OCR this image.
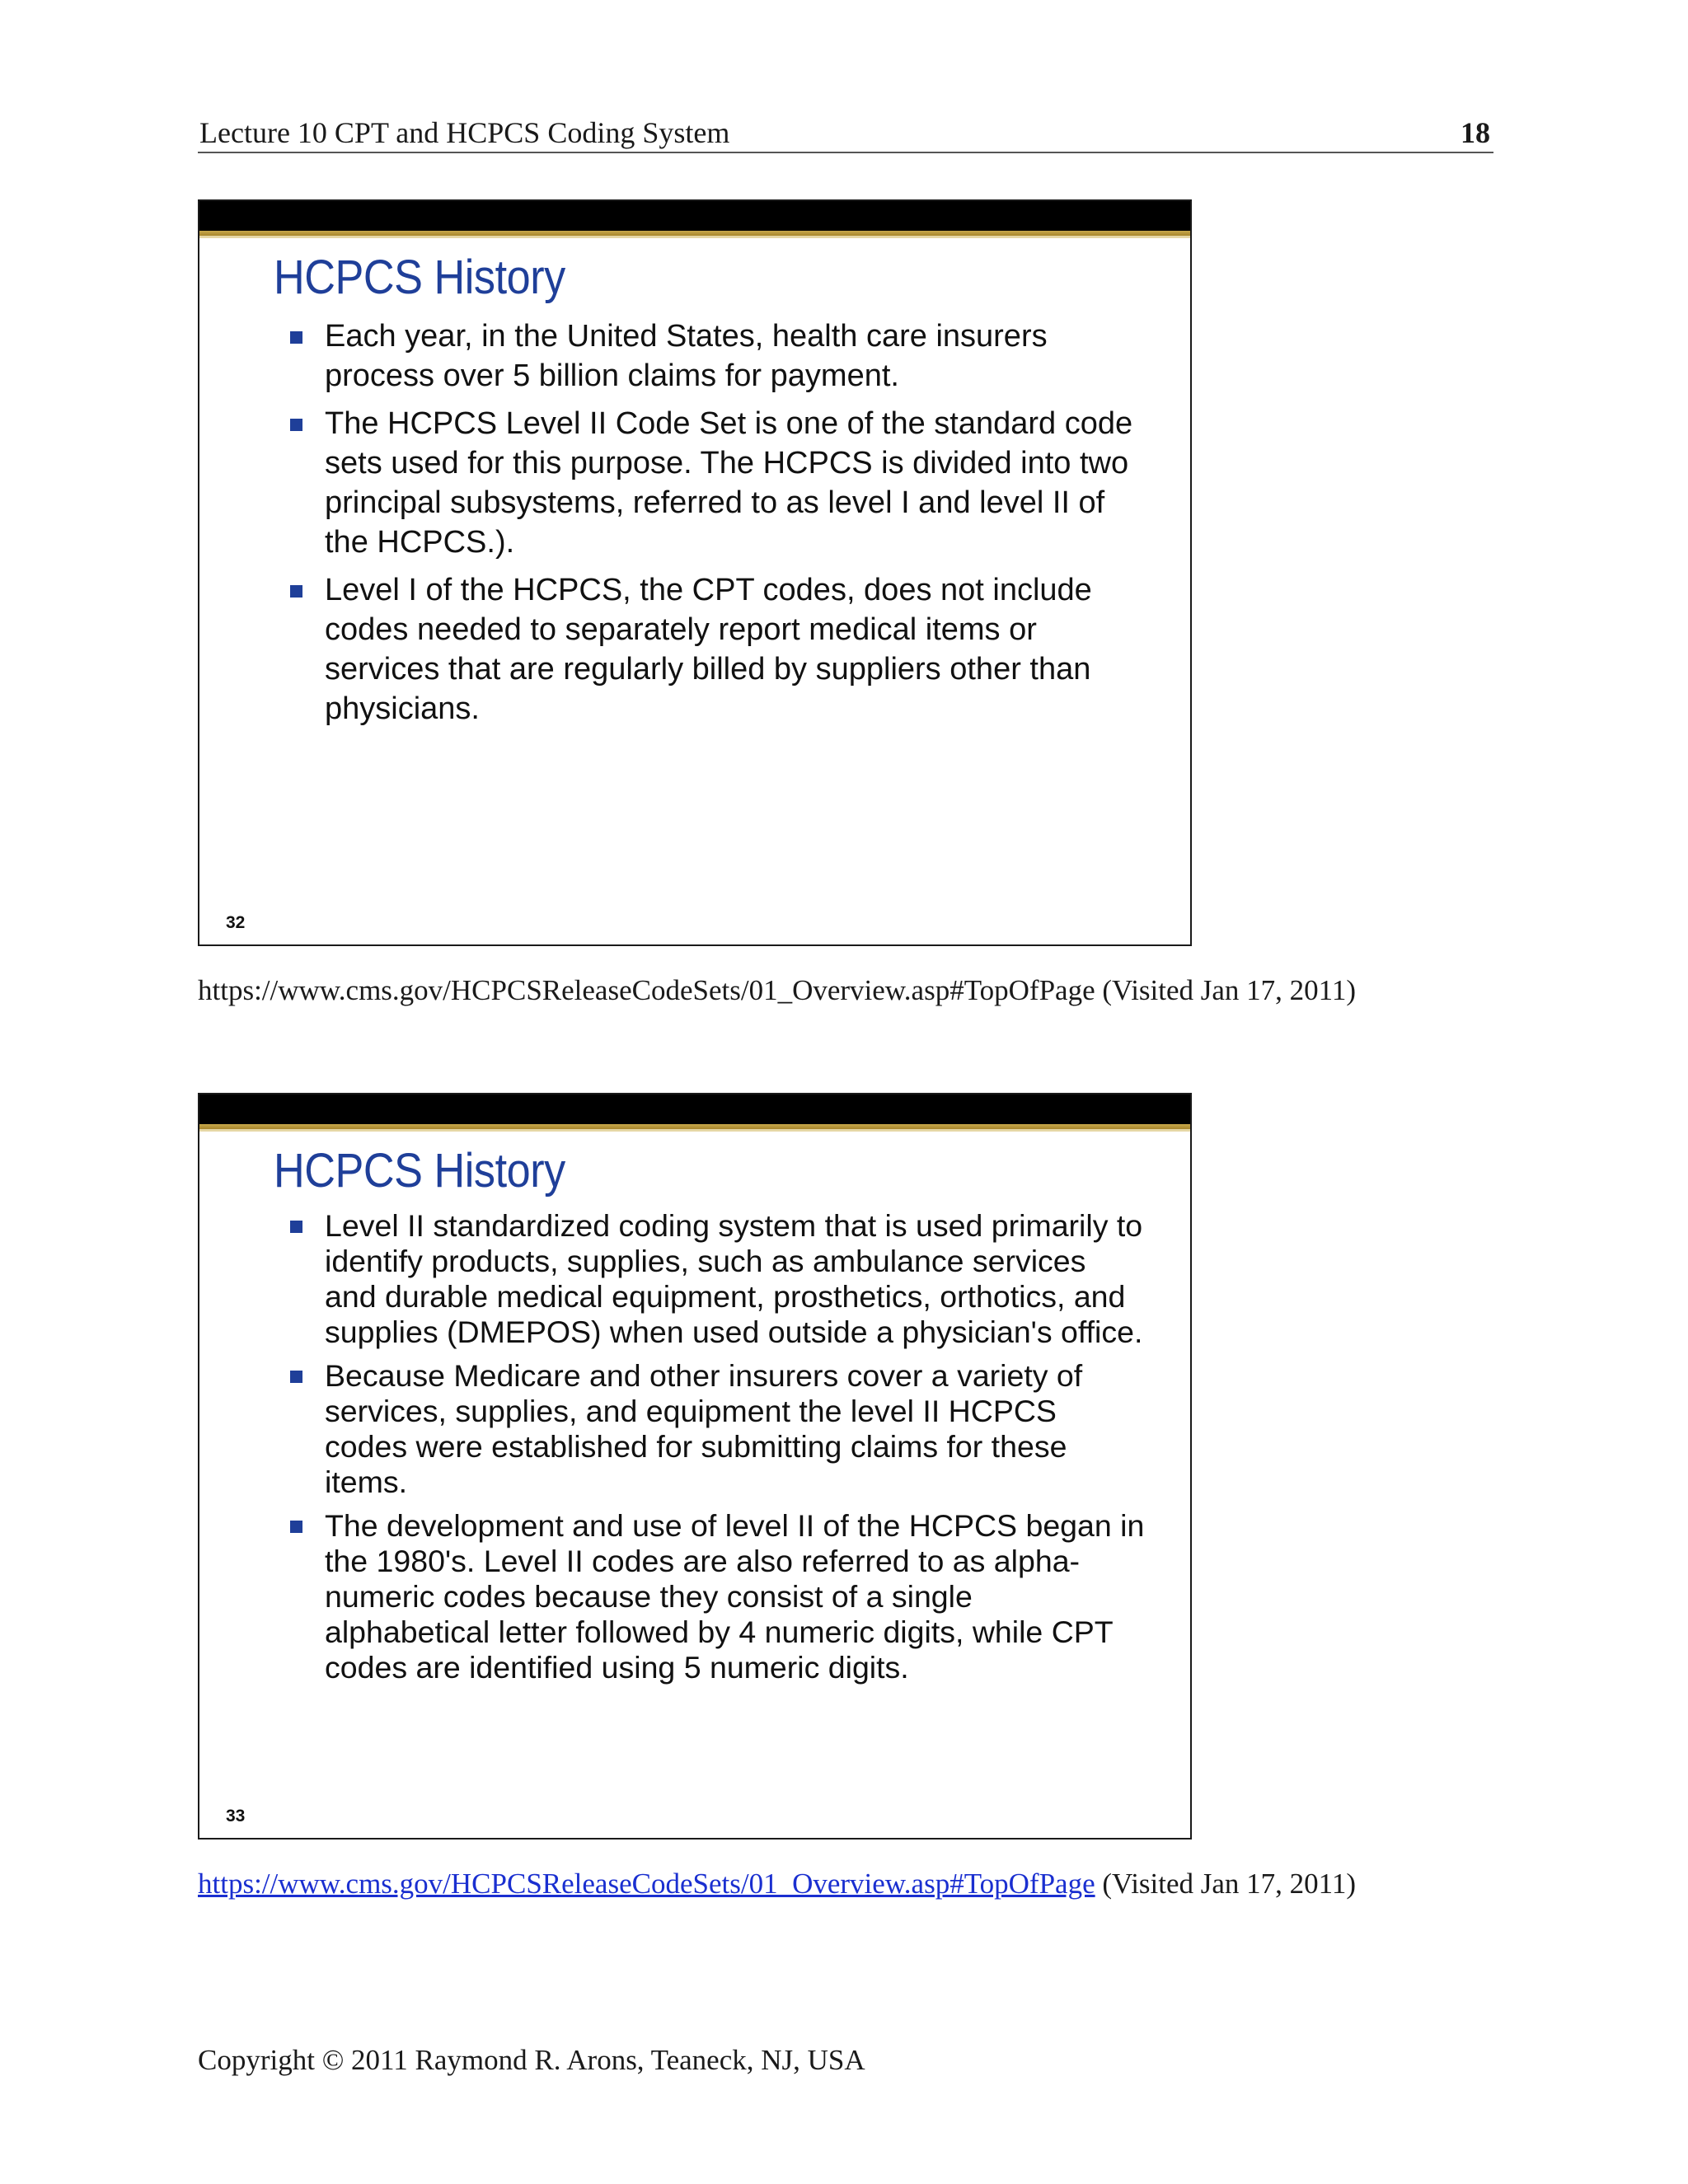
Lecture 10 CPT and HCPCS Coding System	18
HCPCS History
Each year, in the United States, health care insurers process over 5 billion claims for payment.
The HCPCS Level II Code Set is one of the standard code sets used for this purpose. The HCPCS is divided into two principal subsystems, referred to as level I and level II of the HCPCS.).
Level I of the HCPCS, the CPT codes, does not include codes needed to separately report medical items or services that are regularly billed by suppliers other than physicians.
32
https://www.cms.gov/HCPCSReleaseCodeSets/01_Overview.asp#TopOfPage (Visited Jan 17, 2011)
HCPCS History
Level II standardized coding system that is used primarily to identify products, supplies, such as ambulance services and durable medical equipment, prosthetics, orthotics, and supplies (DMEPOS) when used outside a physician's office.
Because Medicare and other insurers cover a variety of services, supplies, and equipment the level II HCPCS codes were established for submitting claims for these items.
The development and use of level II of the HCPCS began in the 1980's. Level II codes are also referred to as alpha-numeric codes because they consist of a single alphabetical letter followed by 4 numeric digits, while CPT codes are identified using 5 numeric digits.
33
https://www.cms.gov/HCPCSReleaseCodeSets/01_Overview.asp#TopOfPage (Visited Jan 17, 2011)
Copyright © 2011 Raymond R. Arons, Teaneck, NJ, USA
